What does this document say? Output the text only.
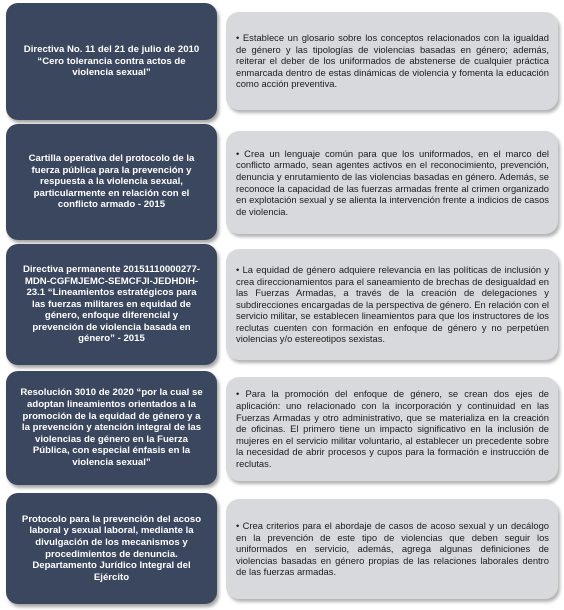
Directiva No. 11 del 21 de julio de 2010
“Cero tolerancia contra actos de
violencia sexual”
• Establece un glosario sobre los conceptos relacionados con la igualdad de género y las tipologías de violencias basadas en género; además, reiterar el deber de los uniformados de abstenerse de cualquier práctica enmarcada dentro de estas dinámicas de violencia y fomenta la educación como acción preventiva.
Cartilla operativa del protocolo de la
fuerza pública para la prevención y
respuesta a la violencia sexual,
particularmente en relación con el
conflicto armado - 2015
• Crea un lenguaje común para que los uniformados, en el marco del conflicto armado, sean agentes activos en el reconocimiento, prevención, denuncia y enrutamiento de las violencias basadas en género. Además, se reconoce la capacidad de las fuerzas armadas frente al crimen organizado en explotación sexual y se alienta la intervención frente a indicios de casos de violencia.
Directiva permanente 20151110000277-
MDN-CGFMJEMC-SEMCFJI-JEDHDIH-
23.1 “Lineamientos estratégicos para
las fuerzas militares en equidad de
género, enfoque diferencial y
prevención de violencia basada en
género” - 2015
• La equidad de género adquiere relevancia en las políticas de inclusión y crea direccionamientos para el saneamiento de brechas de desigualdad en las Fuerzas Armadas, a través de la creación de delegaciones y subdirecciones encargadas de la perspectiva de género. En relación con el servicio militar, se establecen lineamientos para que los instructores de los reclutas cuenten con formación en enfoque de género y no perpetúen violencias y/o estereotipos sexistas.
Resolución 3010 de 2020 “por la cual se
adoptan lineamientos orientados a la
promoción de la equidad de género y a
la prevención y atención integral de las
violencias de género en la Fuerza
Pública, con especial énfasis en la
violencia sexual”
• Para la promoción del enfoque de género, se crean dos ejes de aplicación: uno relacionado con la incorporación y continuidad en las Fuerzas Armadas y otro administrativo, que se materializa en la creación de oficinas. El primero tiene un impacto significativo en la inclusión de mujeres en el servicio militar voluntario, al establecer un precedente sobre la necesidad de abrir procesos y cupos para la formación e instrucción de reclutas.
Protocolo para la prevención del acoso
laboral y sexual laboral, mediante la
divulgación de los mecanismos y
procedimientos de denuncia.
Departamento Jurídico Integral del
Ejército
• Crea criterios para el abordaje de casos de acoso sexual y un decálogo en la prevención de este tipo de violencias que deben seguir los uniformados en servicio, además, agrega algunas definiciones de violencias basadas en género propias de las relaciones laborales dentro de las fuerzas armadas.
